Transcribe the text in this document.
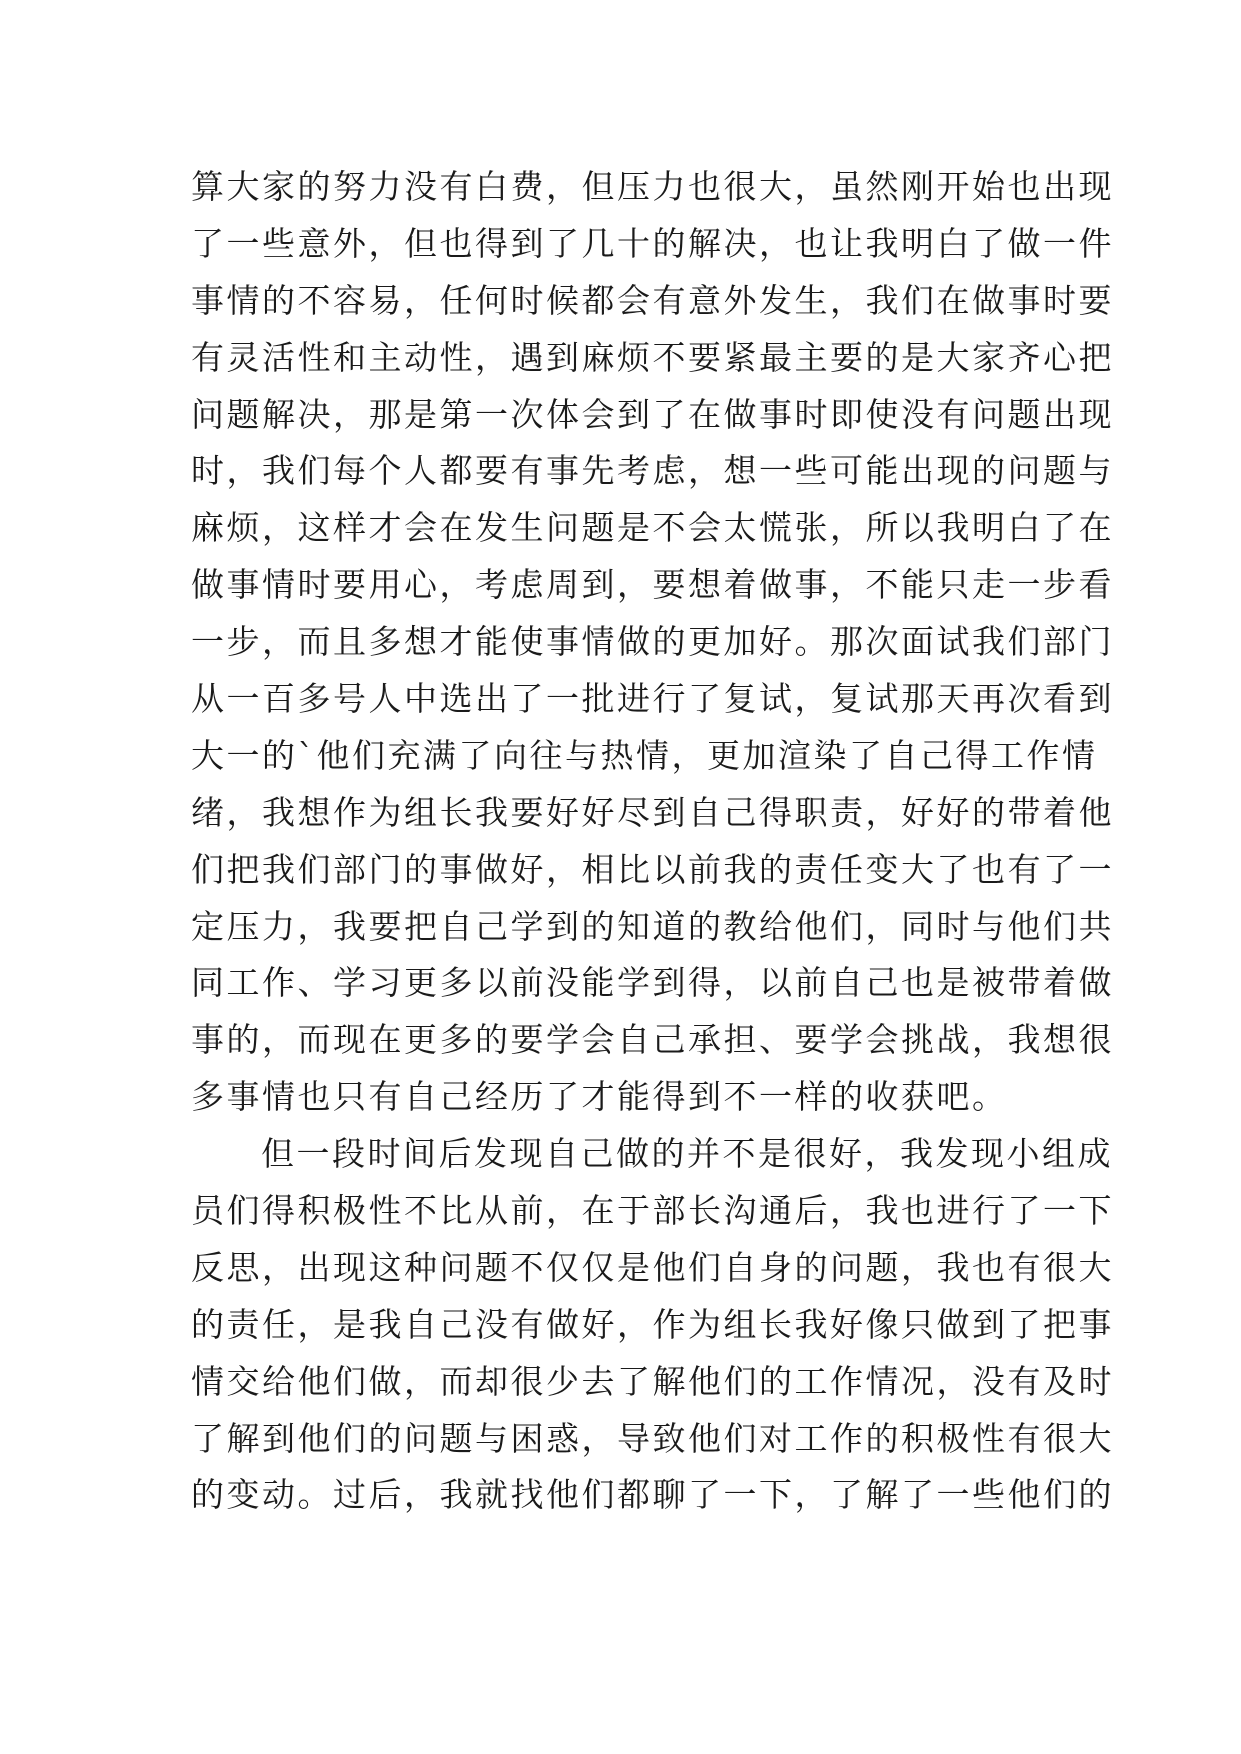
算大家的努力没有白费，但压力也很大，虽然刚开始也出现
了一些意外，但也得到了几十的解决，也让我明白了做一件
事情的不容易，任何时候都会有意外发生，我们在做事时要
有灵活性和主动性，遇到麻烦不要紧最主要的是大家齐心把
问题解决，那是第一次体会到了在做事时即使没有问题出现
时，我们每个人都要有事先考虑，想一些可能出现的问题与
麻烦，这样才会在发生问题是不会太慌张，所以我明白了在
做事情时要用心，考虑周到，要想着做事，不能只走一步看
一步，而且多想才能使事情做的更加好。那次面试我们部门
从一百多号人中选出了一批进行了复试，复试那天再次看到
大一的`他们充满了向往与热情，更加渲染了自己得工作情
绪，我想作为组长我要好好尽到自己得职责，好好的带着他
们把我们部门的事做好，相比以前我的责任变大了也有了一
定压力，我要把自己学到的知道的教给他们，同时与他们共
同工作、学习更多以前没能学到得，以前自己也是被带着做
事的，而现在更多的要学会自己承担、要学会挑战，我想很
多事情也只有自己经历了才能得到不一样的收获吧。
但一段时间后发现自己做的并不是很好，我发现小组成
员们得积极性不比从前，在于部长沟通后，我也进行了一下
反思，出现这种问题不仅仅是他们自身的问题，我也有很大
的责任，是我自己没有做好，作为组长我好像只做到了把事
情交给他们做，而却很少去了解他们的工作情况，没有及时
了解到他们的问题与困惑，导致他们对工作的积极性有很大
的变动。过后，我就找他们都聊了一下，了解了一些他们的
